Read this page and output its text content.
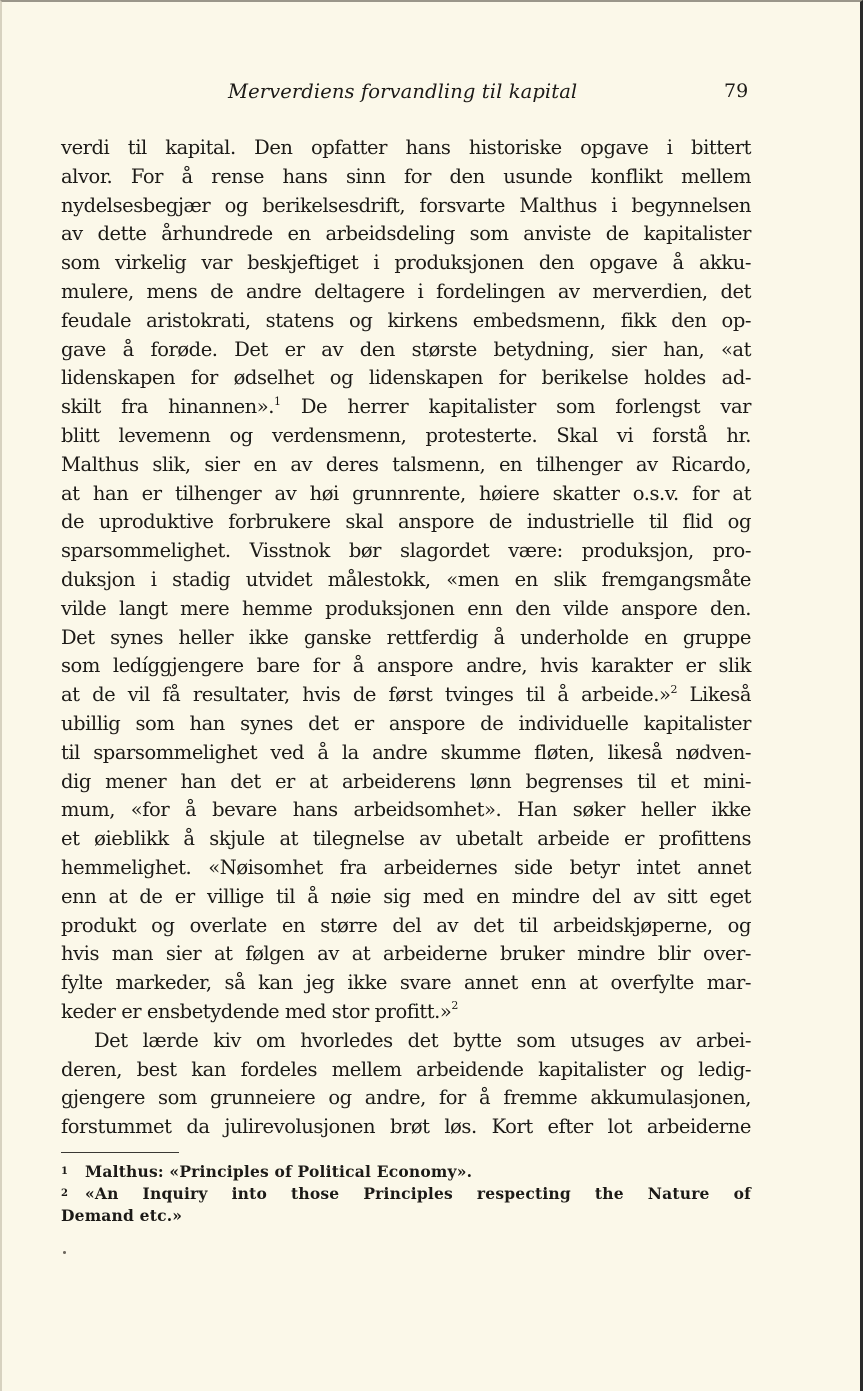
Merverdiens forvandling til kapital	79
verdi til kapital. Den opfatter hans historiske opgave i bittert
alvor. For å rense hans sinn for den usunde konflikt mellem
nydelsesbegjær og berikelsesdrift, forsvarte Malthus i begynnelsen
av dette århundrede en arbeidsdeling som anviste de kapitalister
som virkelig var beskjeftiget i produksjonen den opgave å akku-
mulere, mens de andre deltagere i fordelingen av merverdien, det
feudale aristokrati, statens og kirkens embedsmenn, fikk den op-
gave å forøde. Det er av den største betydning, sier han, «at
lidenskapen for ødselhet og lidenskapen for berikelse holdes ad-
skilt fra hinannen».$^1$ De herrer kapitalister som forlengst var
blitt levemenn og verdensmenn, protesterte. Skal vi forstå hr.
Malthus slik, sier en av deres talsmenn, en tilhenger av Ricardo,
at han er tilhenger av høi grunnrente, høiere skatter o.s.v. for at
de uproduktive forbrukere skal anspore de industrielle til flid og
sparsommelighet. Visstnok bør slagordet være: produksjon, pro-
duksjon i stadig utvidet målestokk, «men en slik fremgangsmåte
vilde langt mere hemme produksjonen enn den vilde anspore den.
Det synes heller ikke ganske rettferdig å underholde en gruppe
som ledíggjengere bare for å anspore andre, hvis karakter er slik
at de vil få resultater, hvis de først tvinges til å arbeide.»$^2$ Likeså
ubillig som han synes det er anspore de individuelle kapitalister
til sparsommelighet ved å la andre skumme fløten, likeså nødven-
dig mener han det er at arbeiderens lønn begrenses til et mini-
mum, «for å bevare hans arbeidsomhet». Han søker heller ikke
et øieblikk å skjule at tilegnelse av ubetalt arbeide er profittens
hemmelighet. «Nøisomhet fra arbeidernes side betyr intet annet
enn at de er villige til å nøie sig med en mindre del av sitt eget
produkt og overlate en større del av det til arbeidskjøperne, og
hvis man sier at følgen av at arbeiderne bruker mindre blir over-
fylte markeder, så kan jeg ikke svare annet enn at overfylte mar-
keder er ensbetydende med stor profitt.»$^2$
Det lærde kiv om hvorledes det bytte som utsuges av arbei-
deren, best kan fordeles mellem arbeidende kapitalister og ledig-
gjengere som grunneiere og andre, for å fremme akkumulasjonen,
forstummet da julirevolusjonen brøt løs. Kort efter lot arbeiderne
1 Malthus: «Principles of Political Economy».
2 «An Inquiry into those Principles respecting the Nature of
Demand etc.»
